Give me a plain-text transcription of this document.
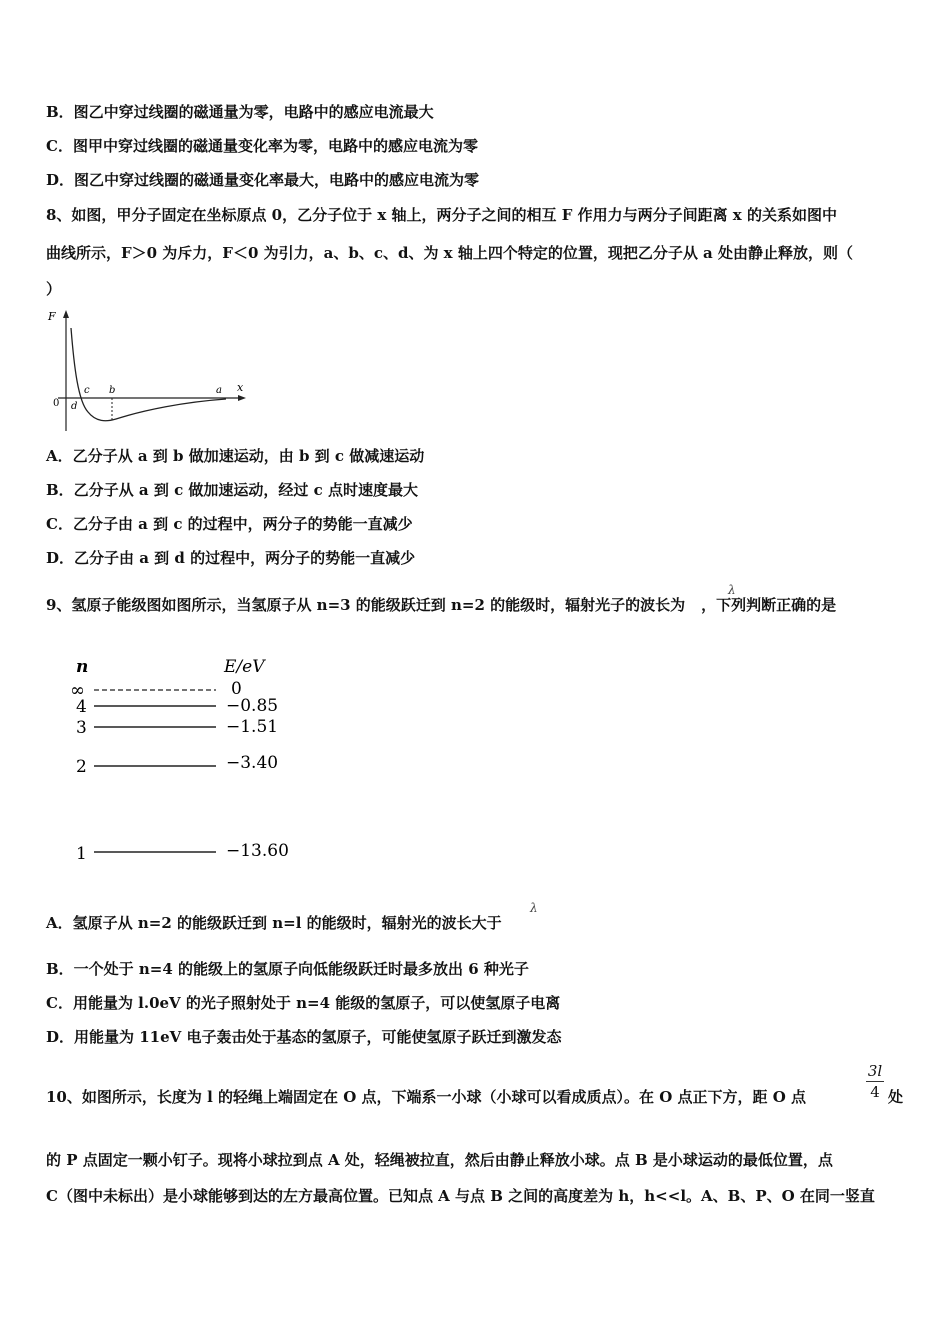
B．图乙中穿过线圈的磁通量为零，电路中的感应电流最大
C．图甲中穿过线圈的磁通量变化率为零，电路中的感应电流为零
D．图乙中穿过线圈的磁通量变化率最大，电路中的感应电流为零
8、如图，甲分子固定在坐标原点 0，乙分子位于 x 轴上，两分子之间的相互 F 作用力与两分子间距离 x 的关系如图中
曲线所示，F＞0 为斥力，F＜0 为引力，a、b、c、d、为 x 轴上四个特定的位置，现把乙分子从 a 处由静止释放，则（
）
F
x
0
c b	a
d
A．乙分子从 a 到 b 做加速运动，由 b 到 c 做减速运动
B．乙分子从 a 到 c 做加速运动，经过 c 点时速度最大
C．乙分子由 a 到 c 的过程中，两分子的势能一直减少
D．乙分子由 a 到 d 的过程中，两分子的势能一直减少
9、氢原子能级图如图所示，当氢原子从 n=3 的能级跃迁到 n=2 的能级时，辐射光子的波长为 ，下列判断正确的是
λ
n	E/eV
∞	0
4	−0.85
3	−1.51
2	−3.40
1	−13.60
A．氢原子从 n=2 的能级跃迁到 n=l 的能级时，辐射光的波长大于
λ
B．一个处于 n=4 的能级上的氢原子向低能级跃迁时最多放出 6 种光子
C．用能量为 l.0eV 的光子照射处于 n=4 能级的氢原子，可以使氢原子电离
D．用能量为 11eV 电子轰击处于基态的氢原子，可能使氢原子跃迁到激发态
10、如图所示，长度为 l 的轻绳上端固定在 O 点，下端系一小球（小球可以看成质点）。在 O 点正下方，距 O 点
3l
4 处
的 P 点固定一颗小钉子。现将小球拉到点 A 处，轻绳被拉直，然后由静止释放小球。点 B 是小球运动的最低位置，点
C（图中未标出）是小球能够到达的左方最高位置。已知点 A 与点 B 之间的高度差为 h，h<<l。A、B、P、O 在同一竖直
